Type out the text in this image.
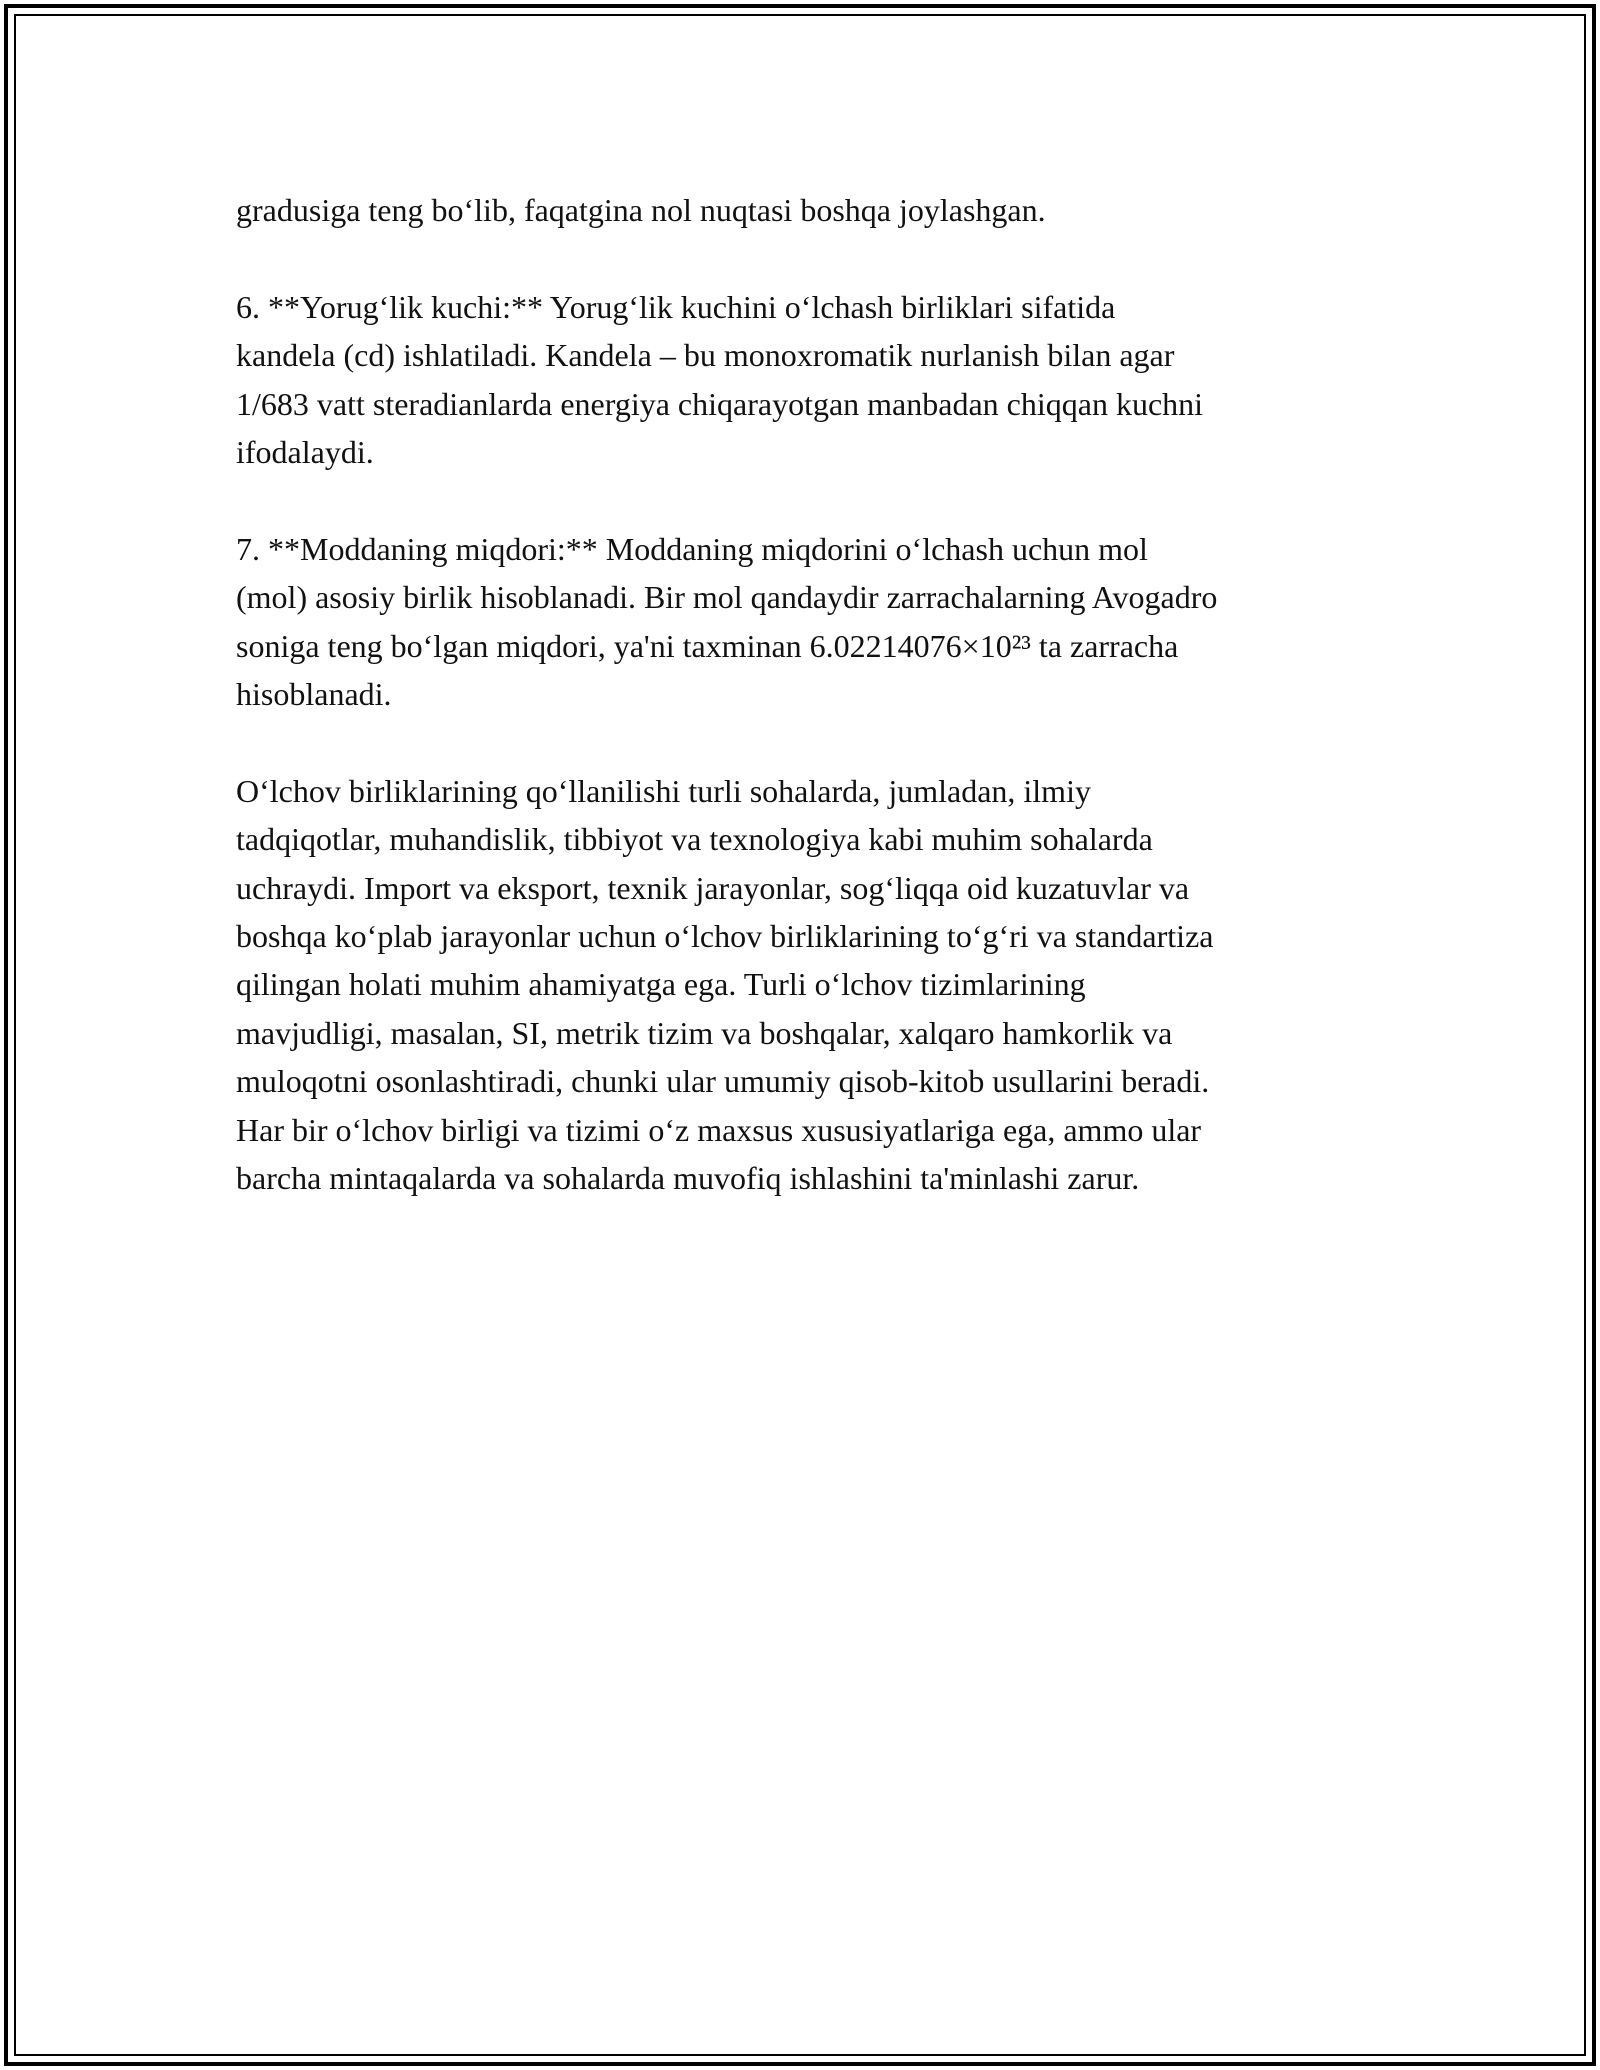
gradusiga teng bo‘lib, faqatgina nol nuqtasi boshqa joylashgan.

6. **Yorug‘lik kuchi:** Yorug‘lik kuchini o‘lchash birliklari sifatida
kandela (cd) ishlatiladi. Kandela – bu monoxromatik nurlanish bilan agar
1/683 vatt steradianlarda energiya chiqarayotgan manbadan chiqqan kuchni
ifodalaydi.

7. **Moddaning miqdori:** Moddaning miqdorini o‘lchash uchun mol
(mol) asosiy birlik hisoblanadi. Bir mol qandaydir zarrachalarning Avogadro
soniga teng bo‘lgan miqdori, ya'ni taxminan 6.02214076×10²³ ta zarracha
hisoblanadi.

O‘lchov birliklarining qo‘llanilishi turli sohalarda, jumladan, ilmiy
tadqiqotlar, muhandislik, tibbiyot va texnologiya kabi muhim sohalarda
uchraydi. Import va eksport, texnik jarayonlar, sog‘liqqa oid kuzatuvlar va
boshqa ko‘plab jarayonlar uchun o‘lchov birliklarining to‘g‘ri va standartiza
qilingan holati muhim ahamiyatga ega. Turli o‘lchov tizimlarining
mavjudligi, masalan, SI, metrik tizim va boshqalar, xalqaro hamkorlik va
muloqotni osonlashtiradi, chunki ular umumiy qisob-kitob usullarini beradi.
Har bir o‘lchov birligi va tizimi o‘z maxsus xususiyatlariga ega, ammo ular
barcha mintaqalarda va sohalarda muvofiq ishlashini ta'minlashi zarur.
